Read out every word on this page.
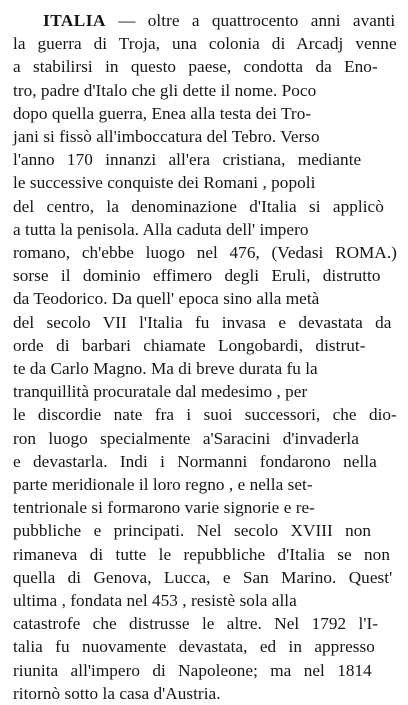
ITALIA — oltre a quattrocento anni avanti
la guerra di Troja, una colonia di Arcadj venne
a stabilirsi in questo paese, condotta da Eno-
tro, padre d'Italo che gli dette il nome. Poco
dopo quella guerra, Enea alla testa dei Tro-
jani si fissò all'imboccatura del Tebro. Verso
l'anno 170 innanzi all'era cristiana, mediante
le successive conquiste dei Romani , popoli
del centro, la denominazione d'Italia si applicò
a tutta la penisola. Alla caduta dell' impero
romano, ch'ebbe luogo nel 476, (Vedasi ROMA.)
sorse il dominio effimero degli Eruli, distrutto
da Teodorico. Da quell' epoca sino alla metà
del secolo VII l'Italia fu invasa e devastata da
orde di barbari chiamate Longobardi, distrut-
te da Carlo Magno. Ma di breve durata fu la
tranquillità procuratale dal medesimo , per
le discordie nate fra i suoi successori, che dio-
ron luogo specialmente a'Saracini d'invaderla
e devastarla. Indi i Normanni fondarono nella
parte meridionale il loro regno , e nella set-
tentrionale si formarono varie signorie e re-
pubbliche e principati. Nel secolo XVIII non
rimaneva di tutte le repubbliche d'Italia se non
quella di Genova, Lucca, e San Marino. Quest'
ultima , fondata nel 453 , resistè sola alla
catastrofe che distrusse le altre. Nel 1792 l'I-
talia fu nuovamente devastata, ed in appresso
riunita all'impero di Napoleone; ma nel 1814
ritornò sotto la casa d'Austria.
